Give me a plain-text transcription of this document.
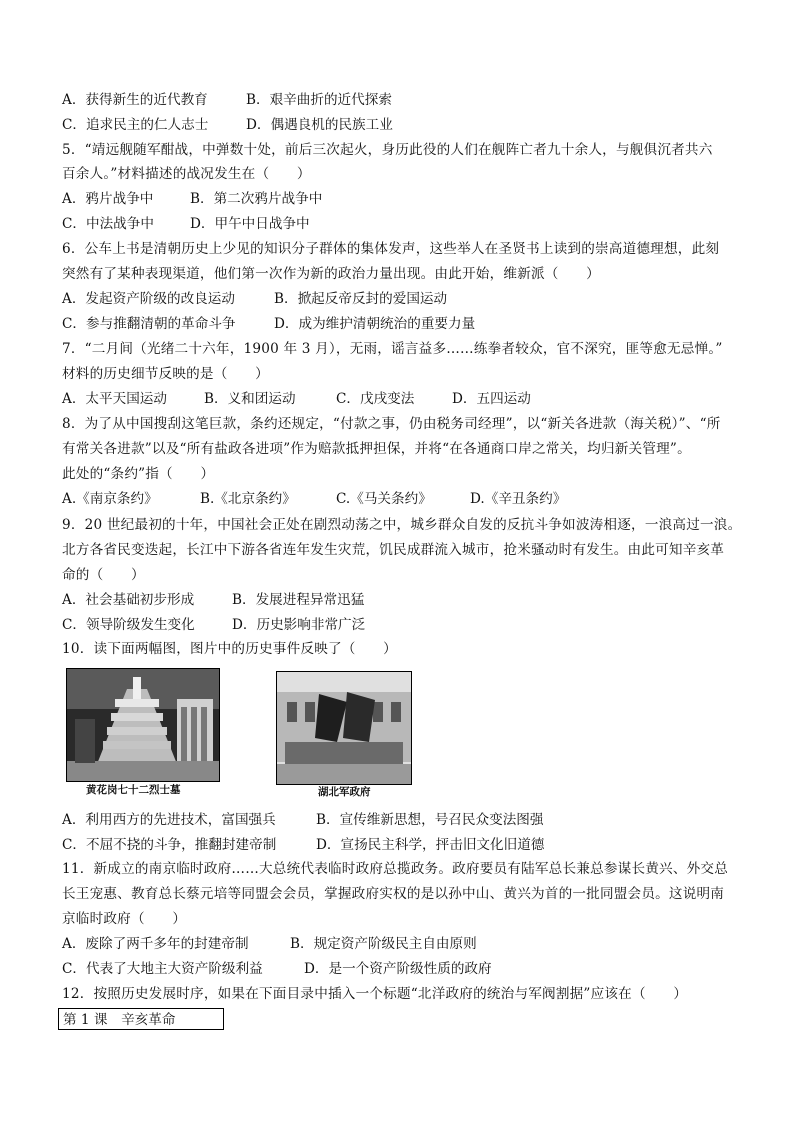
A．获得新生的近代教育	B．艰辛曲折的近代探索
C．追求民主的仁人志士	D．偶遇良机的民族工业
5．“靖远舰随军酣战，中弹数十处，前后三次起火，身历此役的人们在舰阵亡者九十余人，与舰俱沉者共六
百余人。”材料描述的战况发生在（　　）
A．鸦片战争中	B．第二次鸦片战争中
C．中法战争中	D．甲午中日战争中
6．公车上书是清朝历史上少见的知识分子群体的集体发声，这些举人在圣贤书上读到的崇高道德理想，此刻
突然有了某种表现渠道，他们第一次作为新的政治力量出现。由此开始，维新派（　　）
A．发起资产阶级的改良运动	B．掀起反帝反封的爱国运动
C．参与推翻清朝的革命斗争	D．成为维护清朝统治的重要力量
7．“二月间（光绪二十六年，1900 年 3 月），无雨，谣言益多……练拳者较众，官不深究，匪等愈无忌惮。”
材料的历史细节反映的是（　　）
A．太平天国运动	B．义和团运动	C．戊戌变法	D．五四运动
8．为了从中国搜刮这笔巨款，条约还规定，“付款之事，仍由税务司经理”，以“新关各进款（海关税）”、“所
有常关各进款”以及“所有盐政各进项”作为赔款抵押担保，并将“在各通商口岸之常关，均归新关管理”。
此处的“条约”指（　　）
A.《南京条约》	B.《北京条约》	C.《马关条约》	D.《辛丑条约》
9．20 世纪最初的十年，中国社会正处在剧烈动荡之中，城乡群众自发的反抗斗争如波涛相逐，一浪高过一浪。
北方各省民变迭起，长江中下游各省连年发生灾荒，饥民成群流入城市，抢米骚动时有发生。由此可知辛亥革
命的（　　）
A．社会基础初步形成	B．发展进程异常迅猛
C．领导阶级发生变化	D．历史影响非常广泛
10．读下面两幅图，图片中的历史事件反映了（　　）
黄花岗七十二烈士墓	湖北军政府
A．利用西方的先进技术，富国强兵	B．宣传维新思想，号召民众变法图强
C．不屈不挠的斗争，推翻封建帝制	D．宣扬民主科学，抨击旧文化旧道德
11．新成立的南京临时政府……大总统代表临时政府总揽政务。政府要员有陆军总长兼总参谋长黄兴、外交总
长王宠惠、教育总长蔡元培等同盟会会员，掌握政府实权的是以孙中山、黄兴为首的一批同盟会员。这说明南
京临时政府（　　）
A．废除了两千多年的封建帝制	B．规定资产阶级民主自由原则
C．代表了大地主大资产阶级利益	D．是一个资产阶级性质的政府
12．按照历史发展时序，如果在下面目录中插入一个标题“北洋政府的统治与军阀割据”应该在（　　）
第 1 课　辛亥革命
